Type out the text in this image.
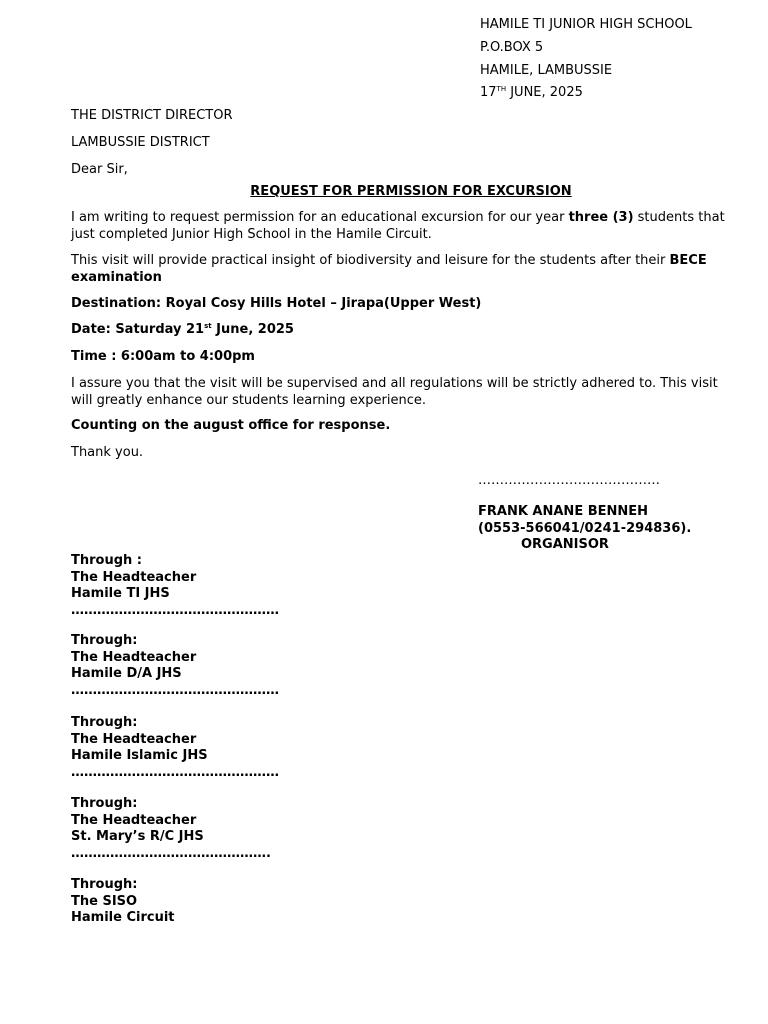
HAMILE TI JUNIOR HIGH SCHOOL
P.O.BOX 5
HAMILE, LAMBUSSIE
17TH JUNE, 2025
THE DISTRICT DIRECTOR
LAMBUSSIE DISTRICT
Dear Sir,
REQUEST FOR PERMISSION FOR EXCURSION
I am writing to request permission for an educational excursion for our year three (3) students that just completed Junior High School in the Hamile Circuit.
This visit will provide practical insight of biodiversity and leisure for the students after their BECE examination
Destination: Royal Cosy Hills Hotel – Jirapa(Upper West)
Date: Saturday 21st June, 2025
Time : 6:00am to 4:00pm
I assure you that the visit will be supervised and all regulations will be strictly adhered to. This visit will greatly enhance our students learning experience.
Counting on the august office for response.
Thank you.
……………………………………
FRANK ANANE BENNEH
(0553-566041/0241-294836).
ORGANISOR
Through :
The Headteacher
Hamile TI JHS
…………………………………………
Through:
The Headteacher
Hamile D/A JHS
…………………………………………
Through:
The Headteacher
Hamile Islamic JHS
…………………………………………
Through:
The Headteacher
St. Mary’s R/C JHS
……………………………………….
Through:
The SISO
Hamile Circuit
